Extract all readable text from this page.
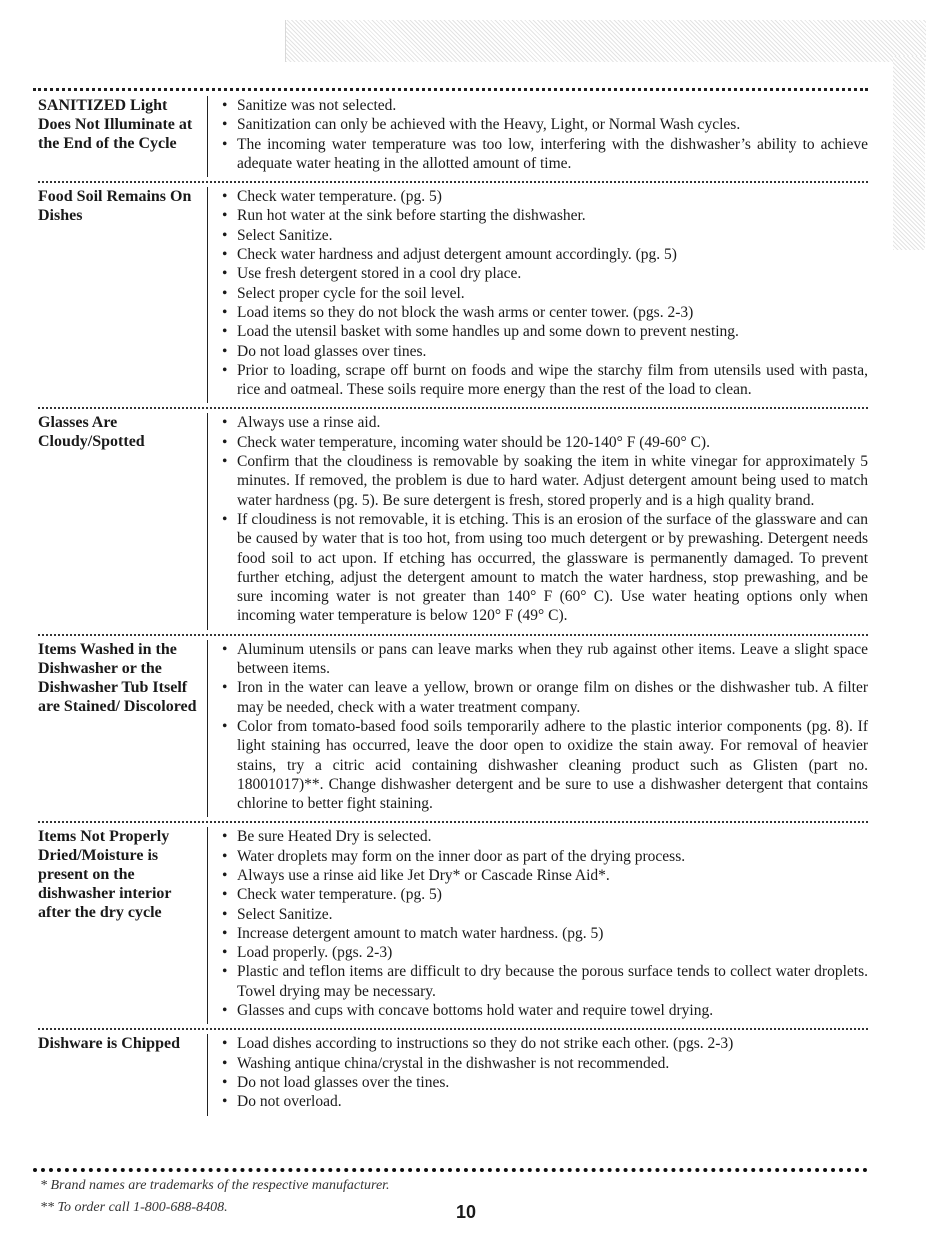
SANITIZED Light Does Not Illuminate at the End of the Cycle
• Sanitize was not selected.
• Sanitization can only be achieved with the Heavy, Light, or Normal Wash cycles.
• The incoming water temperature was too low, interfering with the dishwasher’s ability to achieve adequate water heating in the allotted amount of time.
Food Soil Remains On Dishes
• Check water temperature. (pg. 5)
• Run hot water at the sink before starting the dishwasher.
• Select Sanitize.
• Check water hardness and adjust detergent amount accordingly. (pg. 5)
• Use fresh detergent stored in a cool dry place.
• Select proper cycle for the soil level.
• Load items so they do not block the wash arms or center tower. (pgs. 2-3)
• Load the utensil basket with some handles up and some down to prevent nesting.
• Do not load glasses over tines.
• Prior to loading, scrape off burnt on foods and wipe the starchy film from utensils used with pasta, rice and oatmeal. These soils require more energy than the rest of the load to clean.
Glasses Are Cloudy/Spotted
• Always use a rinse aid.
• Check water temperature, incoming water should be 120-140° F (49-60° C).
• Confirm that the cloudiness is removable by soaking the item in white vinegar for approximately 5 minutes. If removed, the problem is due to hard water. Adjust detergent amount being used to match water hardness (pg. 5). Be sure detergent is fresh, stored properly and is a high quality brand.
• If cloudiness is not removable, it is etching. This is an erosion of the surface of the glassware and can be caused by water that is too hot, from using too much detergent or by prewashing. Detergent needs food soil to act upon. If etching has occurred, the glassware is permanently damaged. To prevent further etching, adjust the detergent amount to match the water hardness, stop prewashing, and be sure incoming water is not greater than 140° F (60° C). Use water heating options only when incoming water temperature is below 120° F (49° C).
Items Washed in the Dishwasher or the Dishwasher Tub Itself are Stained/ Discolored
• Aluminum utensils or pans can leave marks when they rub against other items. Leave a slight space between items.
• Iron in the water can leave a yellow, brown or orange film on dishes or the dishwasher tub. A filter may be needed, check with a water treatment company.
• Color from tomato-based food soils temporarily adhere to the plastic interior components (pg. 8). If light staining has occurred, leave the door open to oxidize the stain away. For removal of heavier stains, try a citric acid containing dishwasher cleaning product such as Glisten (part no. 18001017)**. Change dishwasher detergent and be sure to use a dishwasher detergent that contains chlorine to better fight staining.
Items Not Properly Dried/Moisture is present on the dishwasher interior after the dry cycle
• Be sure Heated Dry is selected.
• Water droplets may form on the inner door as part of the drying process.
• Always use a rinse aid like Jet Dry* or Cascade Rinse Aid*.
• Check water temperature. (pg. 5)
• Select Sanitize.
• Increase detergent amount to match water hardness. (pg. 5)
• Load properly. (pgs. 2-3)
• Plastic and teflon items are difficult to dry because the porous surface tends to collect water droplets. Towel drying may be necessary.
• Glasses and cups with concave bottoms hold water and require towel drying.
Dishware is Chipped
•	Load dishes according to instructions so they do not strike each other. (pgs. 2-3)
• Washing antique china/crystal in the dishwasher is not recommended.
• Do not load glasses over the tines.
• Do not overload.
* Brand names are trademarks of the respective manufacturer.
** To order call 1-800-688-8408.	10
